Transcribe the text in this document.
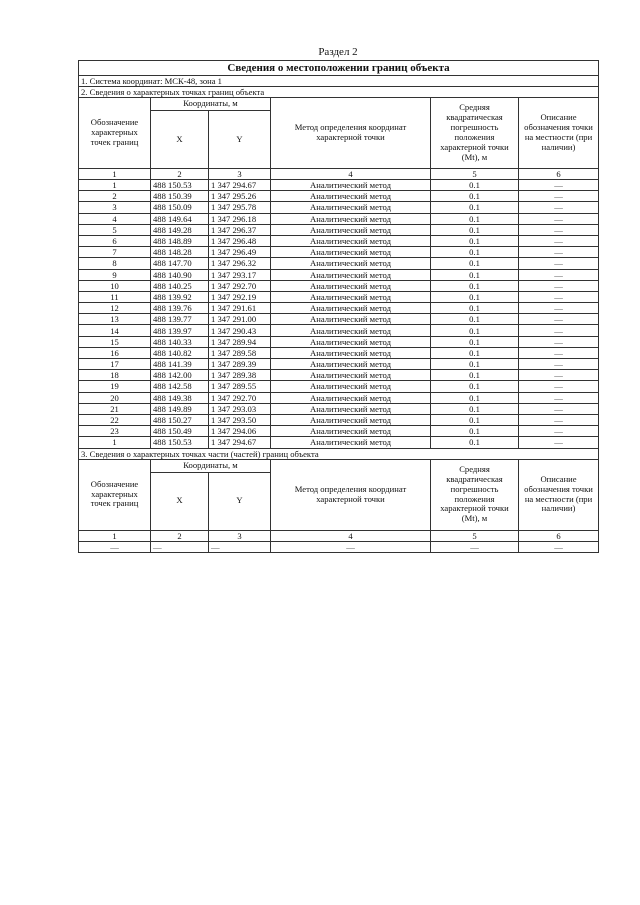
Раздел 2
Сведения о местоположении границ объекта					
1. Система координат: МСК-48, зона 1					
2. Сведения о характерных точках границ объекта					
Обозначение характерных точек границ	Координаты, м		Метод определения координат характерной точки	Средняя квадратическая погрешность положения характерной точки (Mt), м	Описание обозначения точки на местности (при наличии)
	X	Y			
1	2	3	4	5	6
1	488 150.53	1 347 294.67	Аналитический метод	0.1	—
2	488 150.39	1 347 295.26	Аналитический метод	0.1	—
3	488 150.09	1 347 295.78	Аналитический метод	0.1	—
4	488 149.64	1 347 296.18	Аналитический метод	0.1	—
5	488 149.28	1 347 296.37	Аналитический метод	0.1	—
6	488 148.89	1 347 296.48	Аналитический метод	0.1	—
7	488 148.28	1 347 296.49	Аналитический метод	0.1	—
8	488 147.70	1 347 296.32	Аналитический метод	0.1	—
9	488 140.90	1 347 293.17	Аналитический метод	0.1	—
10	488 140.25	1 347 292.70	Аналитический метод	0.1	—
11	488 139.92	1 347 292.19	Аналитический метод	0.1	—
12	488 139.76	1 347 291.61	Аналитический метод	0.1	—
13	488 139.77	1 347 291.00	Аналитический метод	0.1	—
14	488 139.97	1 347 290.43	Аналитический метод	0.1	—
15	488 140.33	1 347 289.94	Аналитический метод	0.1	—
16	488 140.82	1 347 289.58	Аналитический метод	0.1	—
17	488 141.39	1 347 289.39	Аналитический метод	0.1	—
18	488 142.00	1 347 289.38	Аналитический метод	0.1	—
19	488 142.58	1 347 289.55	Аналитический метод	0.1	—
20	488 149.38	1 347 292.70	Аналитический метод	0.1	—
21	488 149.89	1 347 293.03	Аналитический метод	0.1	—
22	488 150.27	1 347 293.50	Аналитический метод	0.1	—
23	488 150.49	1 347 294.06	Аналитический метод	0.1	—
1	488 150.53	1 347 294.67	Аналитический метод	0.1	—
3. Сведения о характерных точках части (частей) границ объекта					
Обозначение характерных точек границ	Координаты, м		Метод определения координат характерной точки	Средняя квадратическая погрешность положения характерной точки (Mt), м	Описание обозначения точки на местности (при наличии)
	X	Y			
1	2	3	4	5	6
—	—	—	—	—	—
